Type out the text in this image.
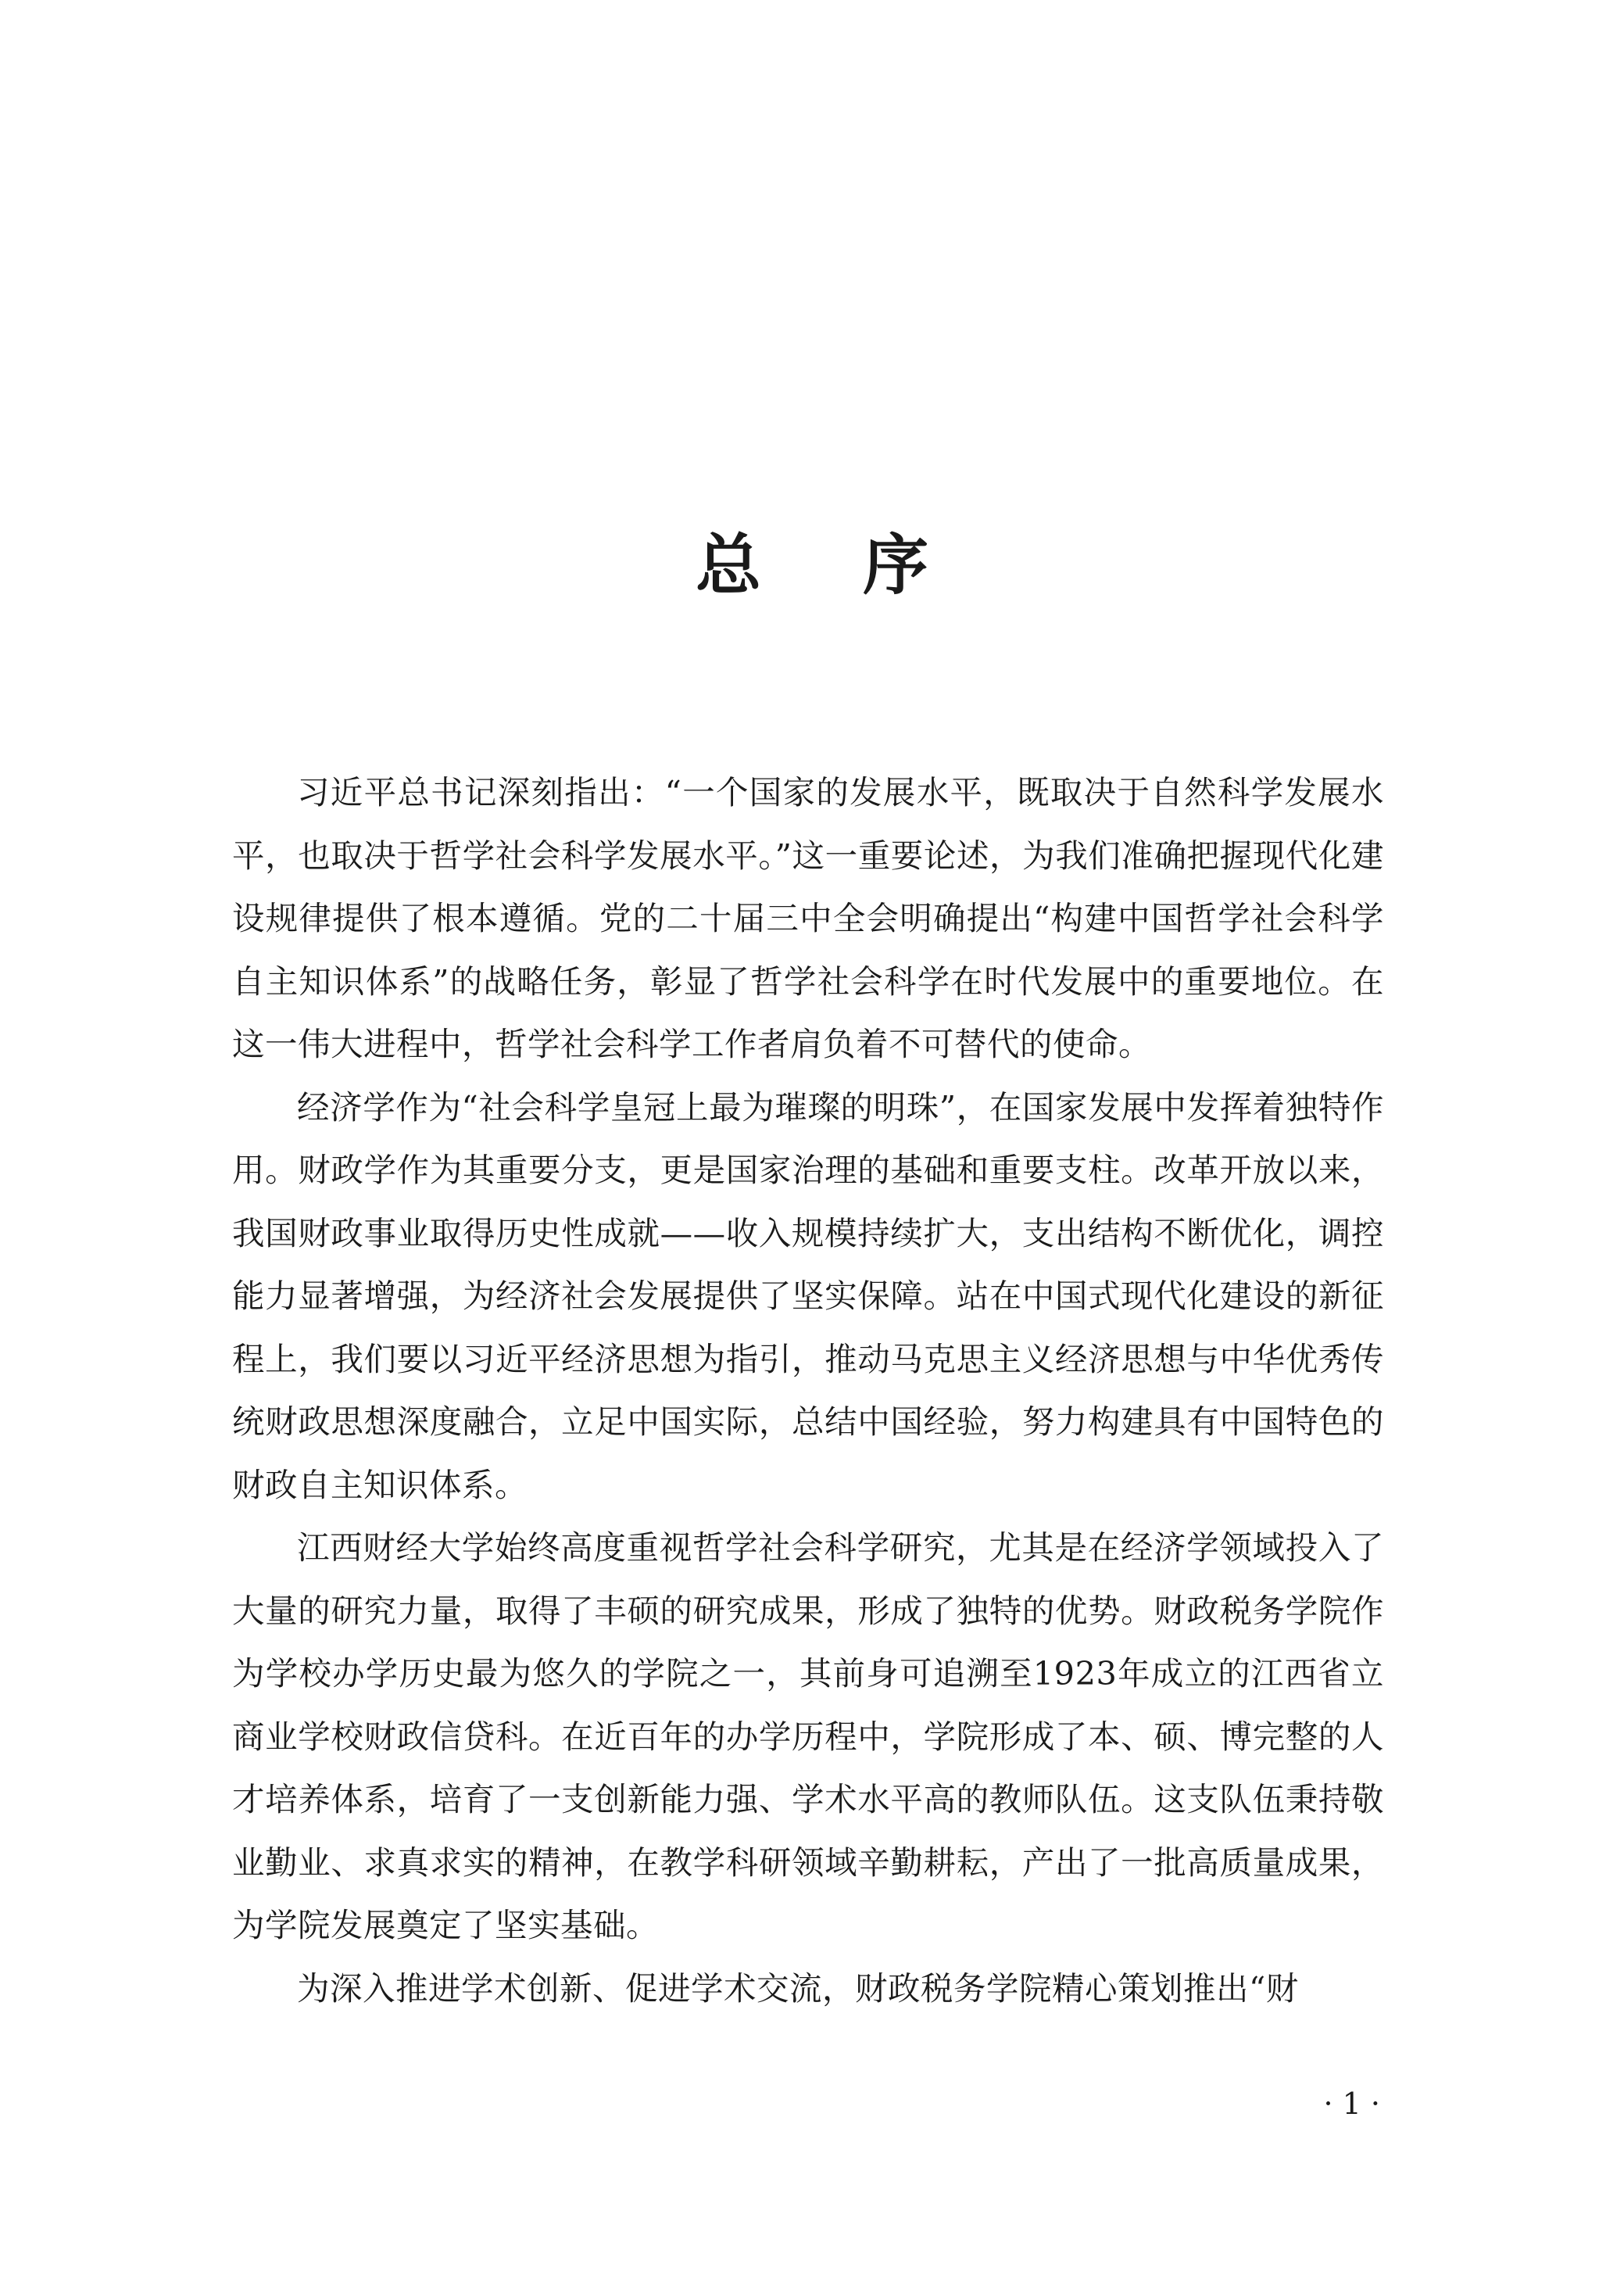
总序

习近平总书记深刻指出：“一个国家的发展水平，既取决于自然科学发展水平，也取决于哲学社会科学发展水平。”这一重要论述，为我们准确把握现代化建设规律提供了根本遵循。党的二十届三中全会明确提出“构建中国哲学社会科学自主知识体系”的战略任务，彰显了哲学社会科学在时代发展中的重要地位。在这一伟大进程中，哲学社会科学工作者肩负着不可替代的使命。

经济学作为“社会科学皇冠上最为璀璨的明珠”，在国家发展中发挥着独特作用。财政学作为其重要分支，更是国家治理的基础和重要支柱。改革开放以来，我国财政事业取得历史性成就——收入规模持续扩大，支出结构不断优化，调控能力显著增强，为经济社会发展提供了坚实保障。站在中国式现代化建设的新征程上，我们要以习近平经济思想为指引，推动马克思主义经济思想与中华优秀传统财政思想深度融合，立足中国实际，总结中国经验，努力构建具有中国特色的财政自主知识体系。

江西财经大学始终高度重视哲学社会科学研究，尤其是在经济学领域投入了大量的研究力量，取得了丰硕的研究成果，形成了独特的优势。财政税务学院作为学校办学历史最为悠久的学院之一，其前身可追溯至1923年成立的江西省立商业学校财政信贷科。在近百年的办学历程中，学院形成了本、硕、博完整的人才培养体系，培育了一支创新能力强、学术水平高的教师队伍。这支队伍秉持敬业勤业、求真求实的精神，在教学科研领域辛勤耕耘，产出了一批高质量成果，为学院发展奠定了坚实基础。

为深入推进学术创新、促进学术交流，财政税务学院精心策划推出“财

· 1 ·
